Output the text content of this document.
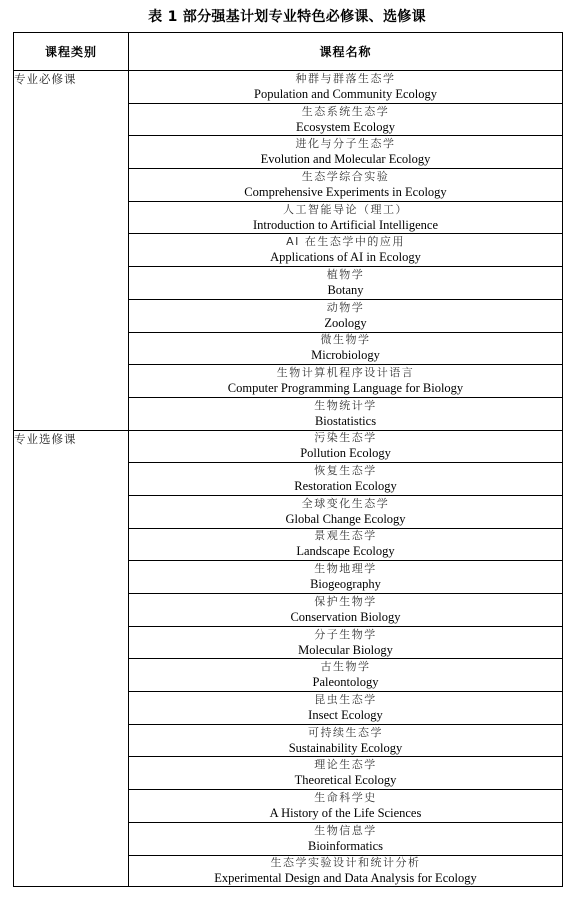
表 1 部分强基计划专业特色必修课、选修课
课程类别	课程名称
专业必修课	种群与群落生态学
Population and Community Ecology

	生态系统生态学
Ecosystem Ecology

	进化与分子生态学
Evolution and Molecular Ecology

	生态学综合实验
Comprehensive Experiments in Ecology

	人工智能导论（理工）
Introduction to Artificial Intelligence

	AI 在生态学中的应用
Applications of AI in Ecology

	植物学
Botany

	动物学
Zoology

	微生物学
Microbiology

	生物计算机程序设计语言
Computer Programming Language for Biology

	生物统计学
Biostatistics

专业选修课	污染生态学
Pollution Ecology

	恢复生态学
Restoration Ecology

	全球变化生态学
Global Change Ecology

	景观生态学
Landscape Ecology

	生物地理学
Biogeography

	保护生物学
Conservation Biology

	分子生物学
Molecular Biology

	古生物学
Paleontology

	昆虫生态学
Insect Ecology

	可持续生态学
Sustainability Ecology

	理论生态学
Theoretical Ecology

	生命科学史
A History of the Life Sciences

	生物信息学
Bioinformatics

	生态学实验设计和统计分析
Experimental Design and Data Analysis for Ecology
